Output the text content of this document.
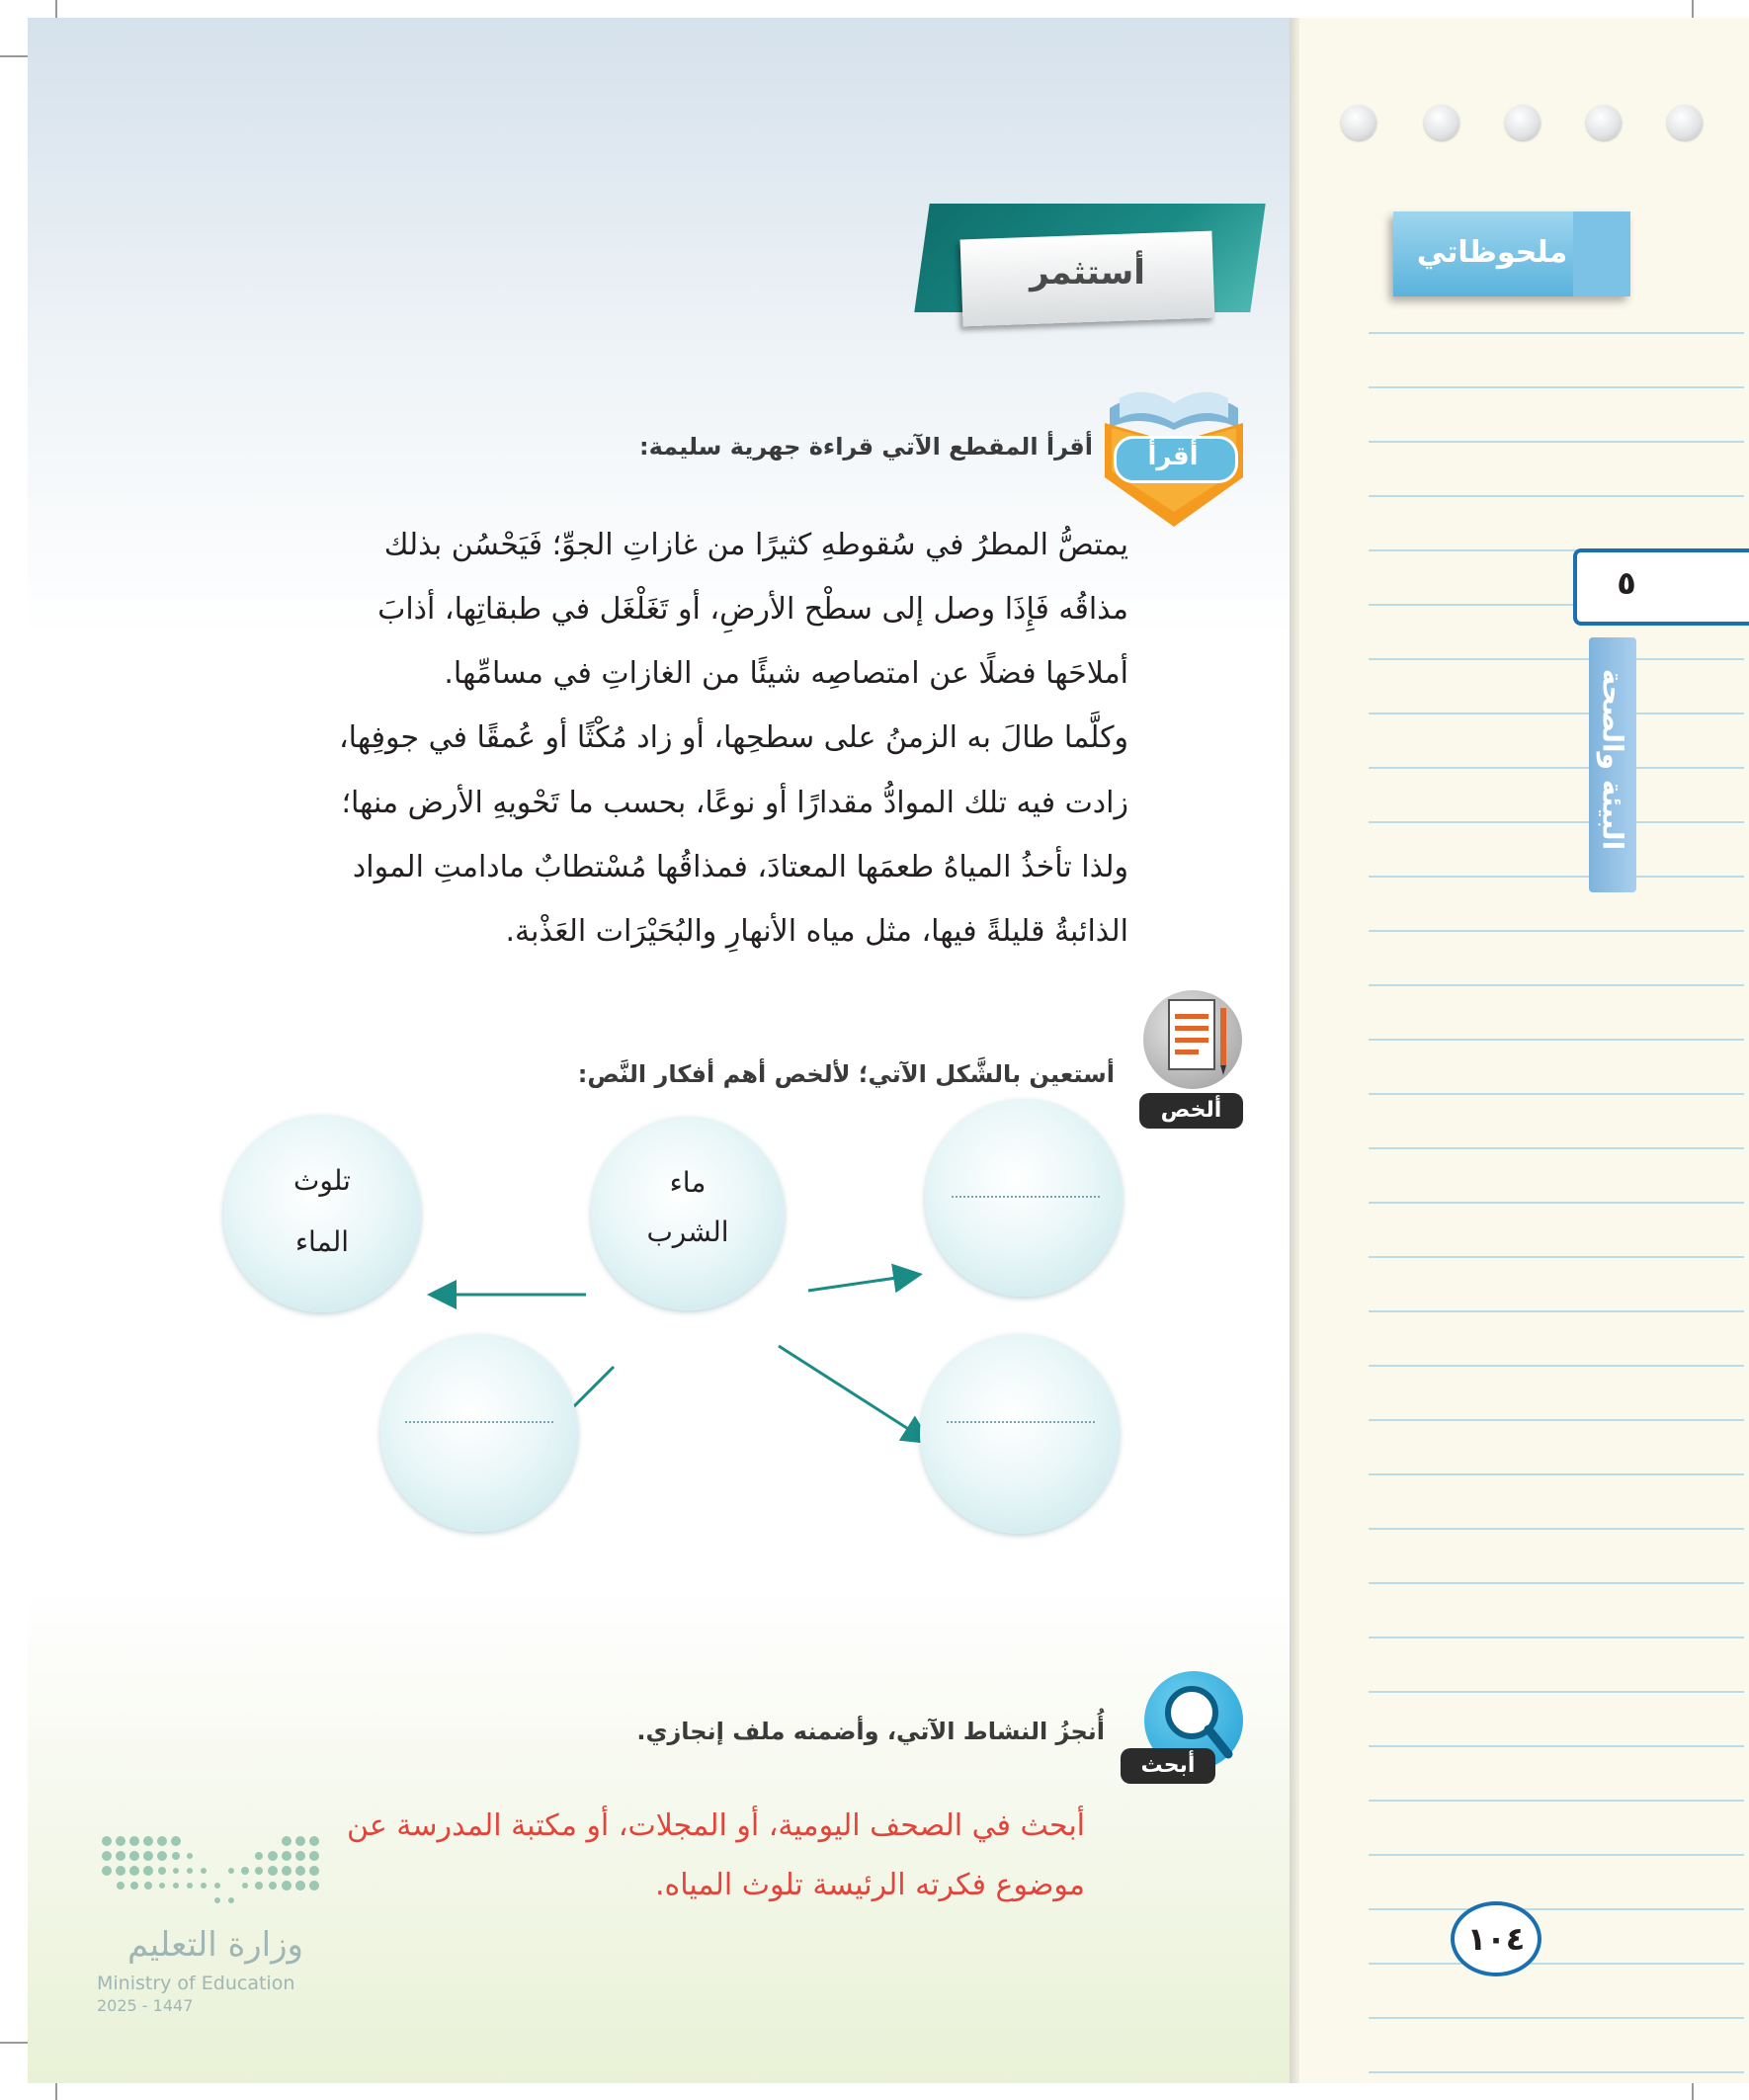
أستثمر
أقرأ
أقرأ المقطع الآتي قراءة جهرية سليمة:
يمتصُّ المطرُ في سُقوطهِ كثيرًا من غازاتِ الجوِّ؛ فَيَحْسُن بذلك
مذاقُه فَإِذَا وصل إلى سطْح الأرضِ، أو تَغَلْغَل في طبقاتِها، أذابَ
أملاحَها فضلًا عن امتصاصِه شيئًا من الغازاتِ في مسامِّها.
وكلَّما طالَ به الزمنُ على سطحِها، أو زاد مُكْثًا أو عُمقًا في جوفِها،
زادت فيه تلك الموادُّ مقدارًا أو نوعًا، بحسب ما تَحْويهِ الأرض منها؛
ولذا تأخذُ المياهُ طعمَها المعتادَ، فمذاقُها مُسْتطابٌ مادامتِ المواد
الذائبةُ قليلةً فيها، مثل مياه الأنهارِ والبُحَيْرَات العَذْبة.
ألخص
أستعين بالشَّكل الآتي؛ لألخص أهم أفكار النَّص:
ماء
الشرب
تلوث
الماء
أبحث
أُنجزُ النشاط الآتي، وأضمنه ملف إنجازي.
أبحث في الصحف اليومية، أو المجلات، أو مكتبة المدرسة عن
موضوع فكرته الرئيسة تلوث المياه.
وزارة التعليم
Ministry of Education
2025 - 1447
ملحوظاتي
٥
البيئة والصحة
١٠٤
